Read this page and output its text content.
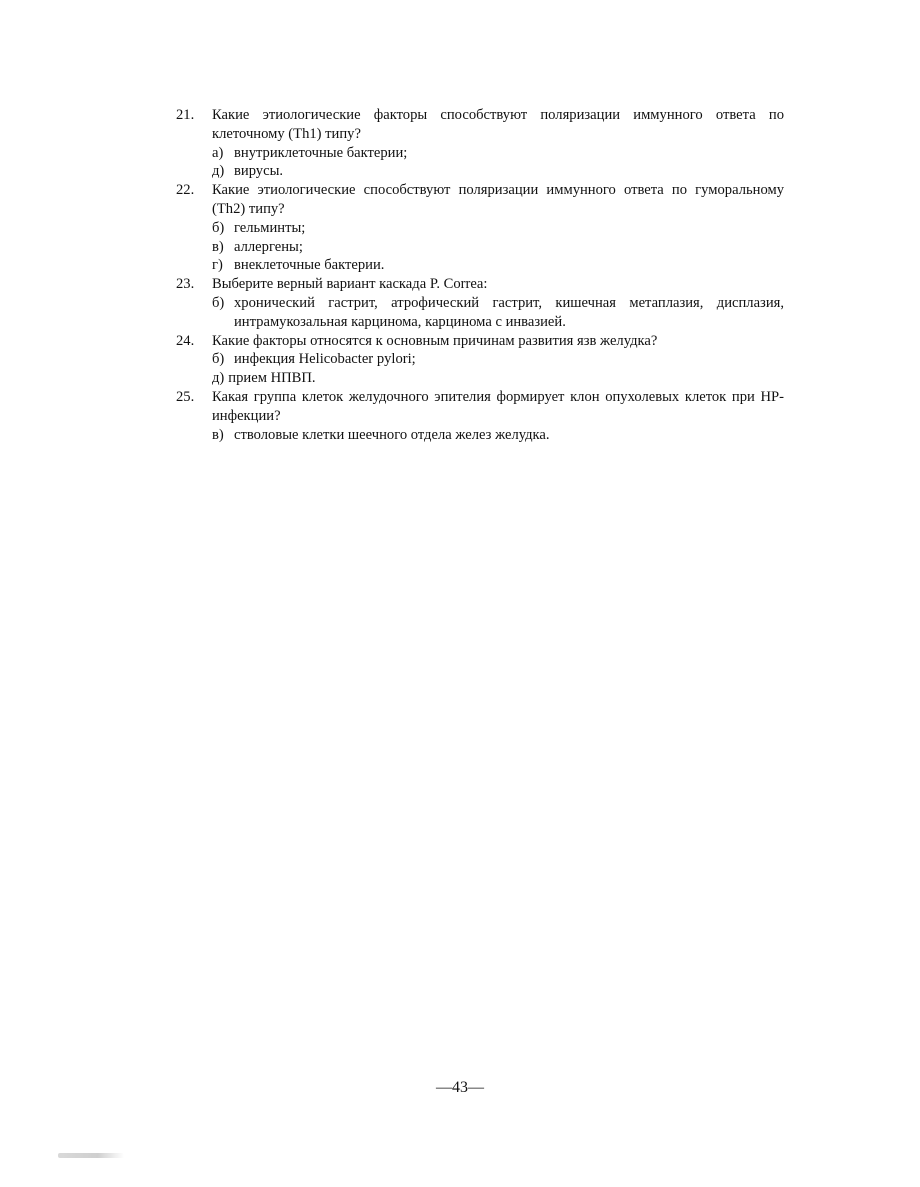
21.	Какие этиологические факторы способствуют поляризации иммунного ответа по клеточному (Th1) типу?
а) внутриклеточные бактерии;
д) вирусы.
22.	Какие этиологические способствуют поляризации иммунного ответа по гуморальному (Th2) типу?
б) гельминты;
в) аллергены;
г) внеклеточные бактерии.
23.	Выберите верный вариант каскада P. Correa:
б) хронический гастрит, атрофический гастрит, кишечная метаплазия, дисплазия, интрамукозальная карцинома, карцинома с инвазией.
24.	Какие факторы относятся к основным причинам развития язв желудка?
б) инфекция Helicobacter pylori;
д) прием НПВП.
25.	Какая группа клеток желудочного эпителия формирует клон опухолевых клеток при HP-инфекции?
в) стволовые клетки шеечного отдела желез желудка.
—43—
